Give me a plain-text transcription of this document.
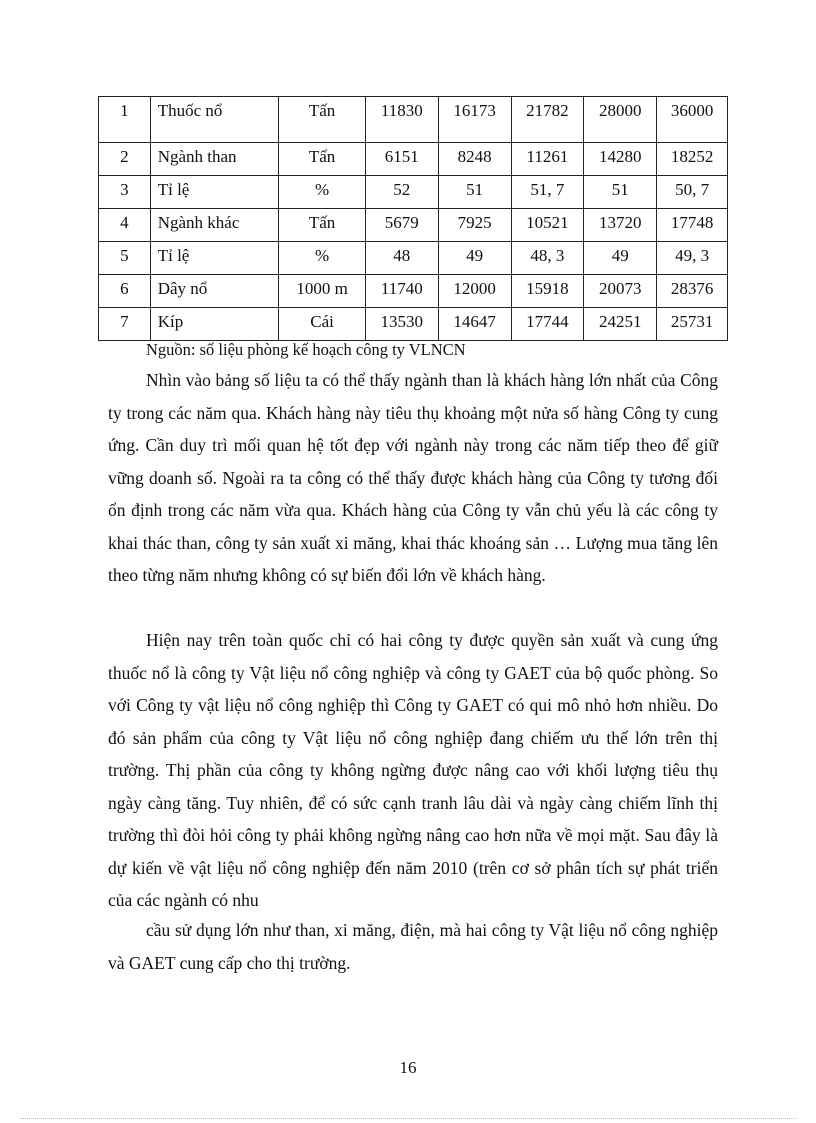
1	Thuốc nổ	Tấn	11830	16173	21782	28000	36000

2	Ngành than	Tấn	6151	8248	11261	14280	18252

3	Tỉ lệ	%	52	51	51, 7	51	50, 7

4	Ngành khác	Tấn	5679	7925	10521	13720	17748

5	Tỉ lệ	%	48	49	48, 3	49	49, 3

6	Dây nổ	1000 m	11740	12000	15918	20073	28376

7	Kíp	Cái	13530	14647	17744	24251	25731

Nguồn: số liệu phòng kế hoạch công ty VLNCN

Nhìn vào bảng số liệu ta có thể thấy ngành than là khách hàng lớn nhất của Công ty trong các năm qua. Khách hàng này tiêu thụ khoảng một nửa số hàng Công ty cung ứng. Cần duy trì mối quan hệ tốt đẹp với ngành này trong các năm tiếp theo để giữ vững doanh số. Ngoài ra ta công có thể thấy được khách hàng của Công ty tương đối ổn định trong các năm vừa qua. Khách hàng của Công ty vẫn chủ yếu là các công ty khai thác than, công ty sản xuất xi măng, khai thác khoáng sản … Lượng mua tăng lên theo từng năm nhưng không có sự biến đổi lớn về khách hàng.

Hiện nay trên toàn quốc chỉ có hai công ty được quyền sản xuất và cung ứng thuốc nổ là công ty Vật liệu nổ công nghiệp và công ty GAET của bộ quốc phòng. So với Công ty vật liệu nổ công nghiệp thì Công ty GAET có qui mô nhỏ hơn nhiều. Do đó sản phẩm của công ty Vật liệu nổ công nghiệp đang chiếm ưu thế lớn trên thị trường. Thị phần của công ty không ngừng được nâng cao với khối lượng tiêu thụ ngày càng tăng. Tuy nhiên, để có sức cạnh tranh lâu dài và ngày càng chiếm lĩnh thị trường thì đòi hỏi công ty phải không ngừng nâng cao hơn nữa về mọi mặt. Sau đây là dự kiến về vật liệu nổ công nghiệp đến năm 2010 (trên cơ sở phân tích sự phát triển của các ngành có nhu

cầu sử dụng lớn như than, xi măng, điện, mà hai công ty Vật liệu nổ công nghiệp và GAET cung cấp cho thị trường.

16
